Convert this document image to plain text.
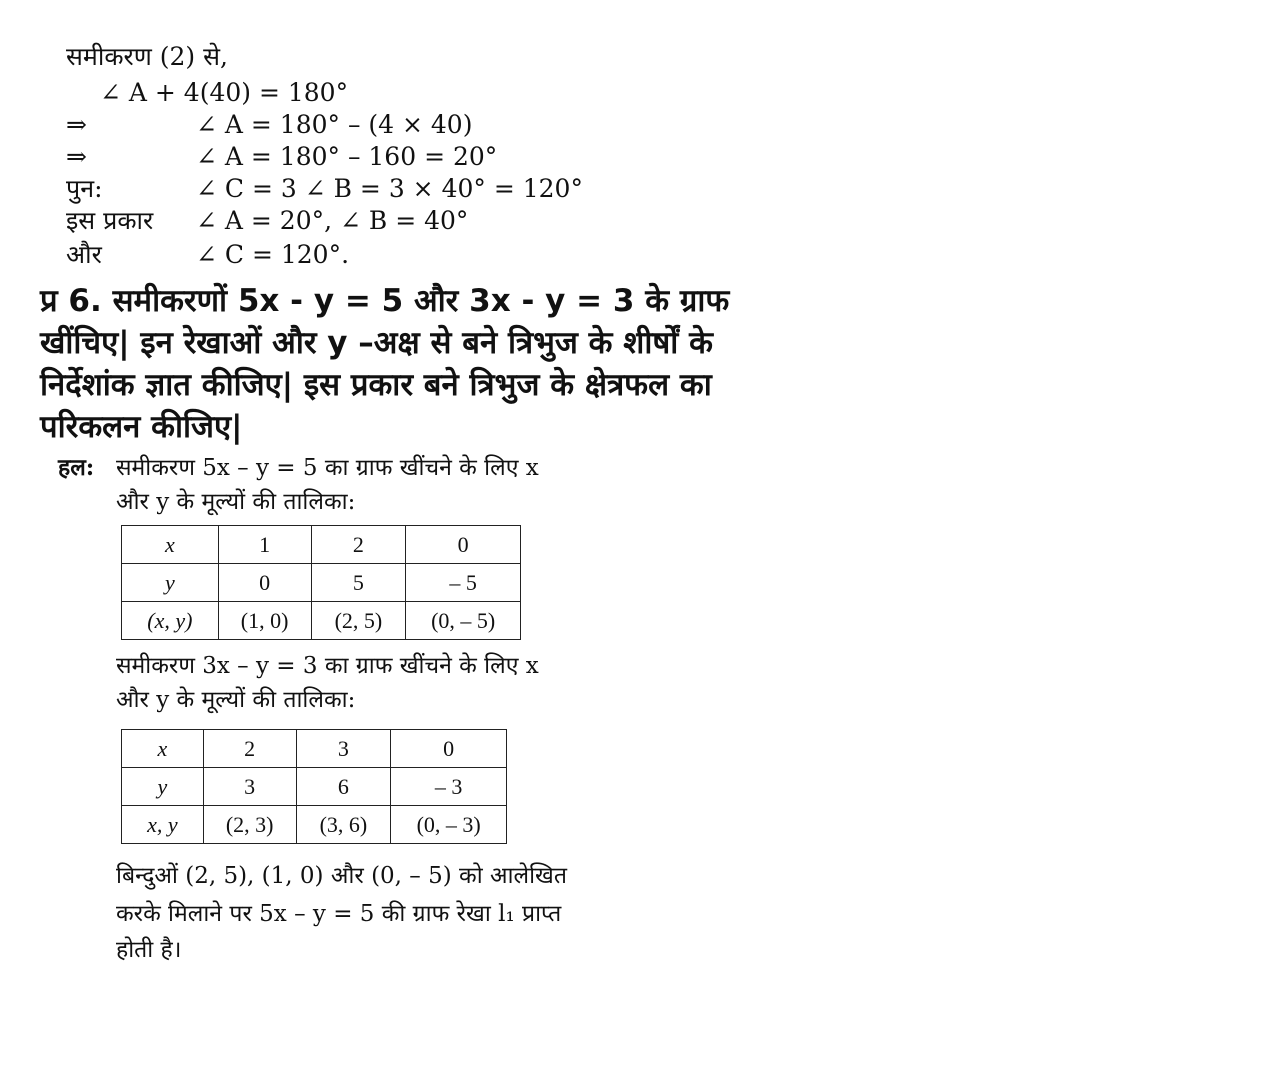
समीकरण (2) से,
∠ A + 4(40) = 180°
⇒	∠ A = 180° – (4 × 40)
⇒	∠ A = 180° – 160 = 20°
पुन:	∠ C = 3 ∠ B = 3 × 40° = 120°
इस प्रकार ∠ A = 20°, ∠ B = 40°
और	∠ C = 120°.
प्र 6. समीकरणों 5x - y = 5 और 3x - y = 3 के ग्राफ
खींचिए| इन रेखाओं और y –अक्ष से बने त्रिभुज के शीर्षों के
निर्देशांक ज्ञात कीजिए| इस प्रकार बने त्रिभुज के क्षेत्रफल का
परिकलन कीजिए|
हल: समीकरण 5x – y = 5 का ग्राफ खींचने के लिए x
और y के मूल्यों की तालिका:
x	1	2	0
y	0	5	– 5
(x, y)	(1, 0)	(2, 5)	(0, – 5)
समीकरण 3x – y = 3 का ग्राफ खींचने के लिए x
और y के मूल्यों की तालिका:
x	2	3	0
y	3	6	– 3
x, y	(2, 3)	(3, 6)	(0, – 3)
बिन्दुओं (2, 5), (1, 0) और (0, – 5) को आलेखित
करके मिलाने पर 5x – y = 5 की ग्राफ रेखा l₁ प्राप्त
होती है।
